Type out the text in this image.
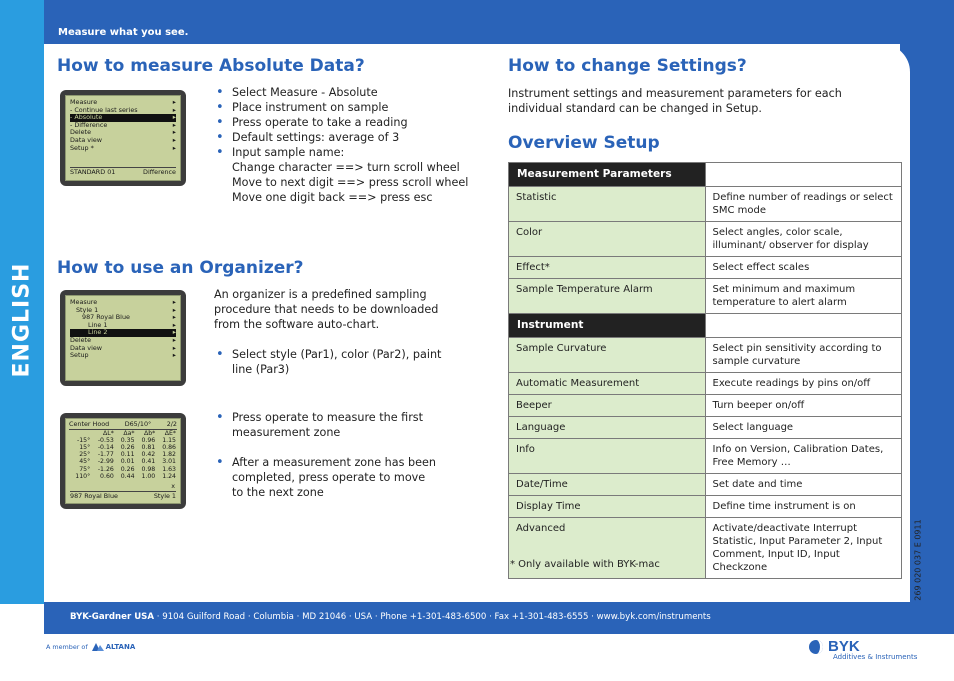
ENGLISH
Measure what you see.
How to measure Absolute Data?
Measure	▸
- Continue last series	▸
- Absolute	▸
- Difference	▸
Delete	▸
Data view	▸
Setup *	▸
STANDARD 01	Difference
• Select Measure - Absolute
• Place instrument on sample
• Press operate to take a reading
• Default settings: average of 3
• Input sample name:
Change character ==> turn scroll wheel
Move to next digit ==> press scroll wheel
Move one digit back ==> press esc
How to use an Organizer?
Measure	▸
Style 1	▸
987 Royal Blue	▸
Line 1	▸
Line 2	▸
Delete	▸
Data view	▸
Setup	▸
An organizer is a predefined sampling procedure that needs to be downloaded from the software auto-chart.
• Select style (Par1), color (Par2), paint line (Par3)
Center Hood D65/10° 2/2
	ΔL*	Δa*	Δb*	ΔE*
-15°	-0.53	0.35	0.96	1.15
15°	-0.14	0.26	0.81	0.86
25°	-1.77	0.11	0.42	1.82
45°	-2.99	0.01	0.41	3.01
75°	-1.26	0.26	0.98	1.63
110°	0.60	0.44	1.00	1.24
x
987 Royal Blue	Style 1
• Press operate to measure the first measurement zone
• After a measurement zone has been completed, press operate to move to the next zone
How to change Settings?
Instrument settings and measurement parameters for each individual standard can be changed in Setup.
Overview Setup
Measurement Parameters	
Statistic	Define number of readings or select SMC mode
Color	Select angles, color scale, illuminant/ observer for display
Effect*	Select effect scales
Sample Temperature Alarm	Set minimum and maximum temperature to alert alarm
Instrument	
Sample Curvature	Select pin sensitivity according to sample curvature
Automatic Measurement	Execute readings by pins on/off
Beeper	Turn beeper on/off
Language	Select language
Info	Info on Version, Calibration Dates, Free Memory …
Date/Time	Set date and time
Display Time	Define time instrument is on
Advanced	Activate/deactivate Interrupt Statistic, Input Parameter 2, Input Comment, Input ID, Input Checkzone
* Only available with BYK-mac
BYK-Gardner USA · 9104 Guilford Road · Columbia · MD 21046 · USA · Phone +1-301-483-6500 · Fax +1-301-483-6555 · www.byk.com/instruments
269 020 037 E 0911
A member of	ALTANA	BYK
Additives & Instruments
